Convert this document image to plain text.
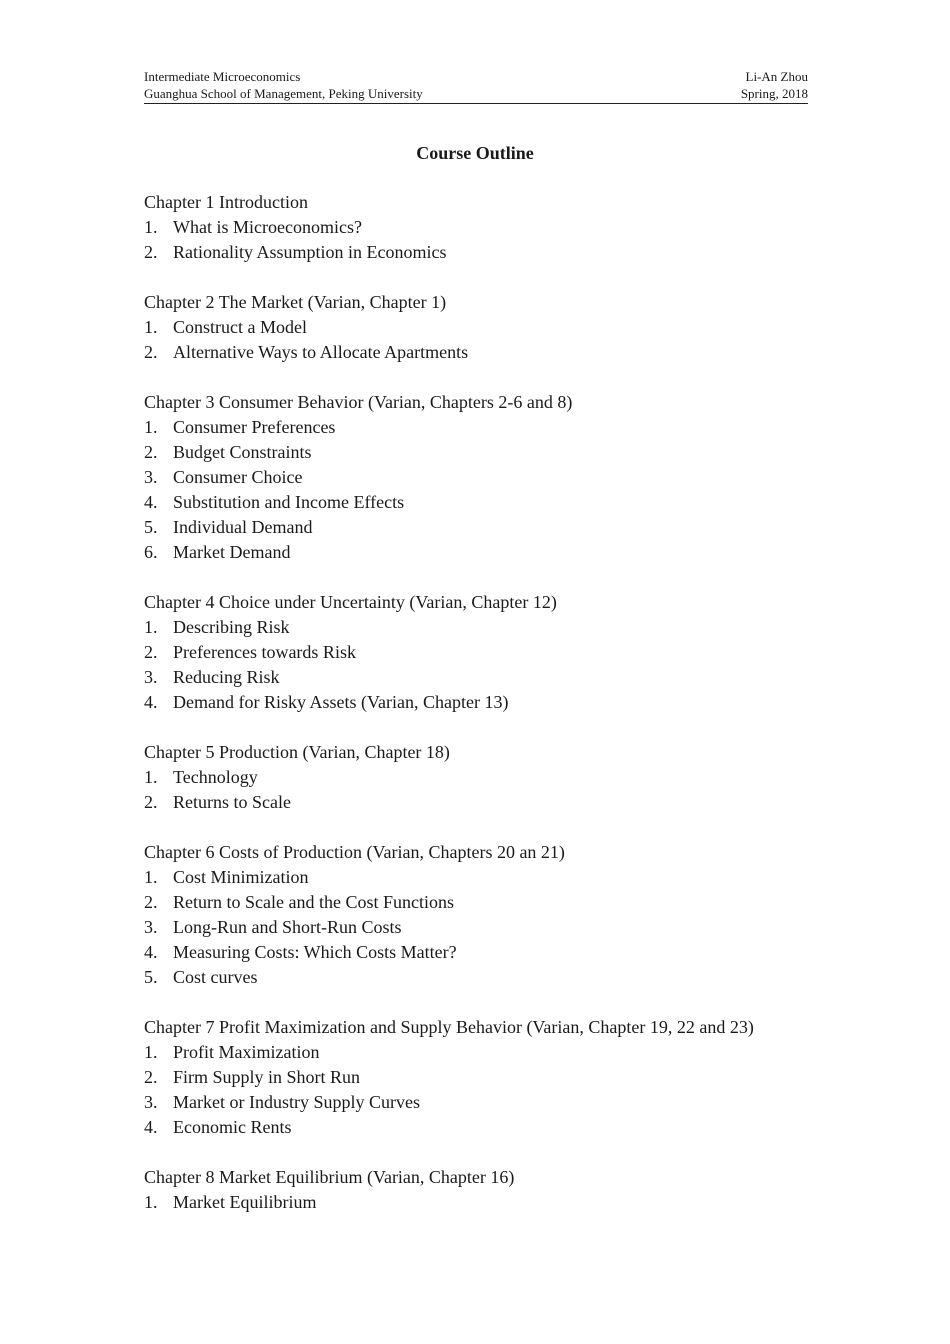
Intermediate Microeconomics	Li-An Zhou
Guanghua School of Management, Peking University	Spring, 2018
Course Outline
Chapter 1 Introduction
1. What is Microeconomics?
2. Rationality Assumption in Economics
Chapter 2 The Market (Varian, Chapter 1)
1. Construct a Model
2. Alternative Ways to Allocate Apartments
Chapter 3 Consumer Behavior (Varian, Chapters 2-6 and 8)
1. Consumer Preferences
2. Budget Constraints
3. Consumer Choice
4. Substitution and Income Effects
5. Individual Demand
6. Market Demand
Chapter 4 Choice under Uncertainty (Varian, Chapter 12)
1. Describing Risk
2. Preferences towards Risk
3. Reducing Risk
4. Demand for Risky Assets (Varian, Chapter 13)
Chapter 5 Production (Varian, Chapter 18)
1. Technology
2. Returns to Scale
Chapter 6 Costs of Production (Varian, Chapters 20 an 21)
1. Cost Minimization
2. Return to Scale and the Cost Functions
3. Long-Run and Short-Run Costs
4. Measuring Costs: Which Costs Matter?
5. Cost curves
Chapter 7 Profit Maximization and Supply Behavior (Varian, Chapter 19, 22 and 23)
1. Profit Maximization
2. Firm Supply in Short Run
3. Market or Industry Supply Curves
4. Economic Rents
Chapter 8 Market Equilibrium (Varian, Chapter 16)
1. Market Equilibrium
